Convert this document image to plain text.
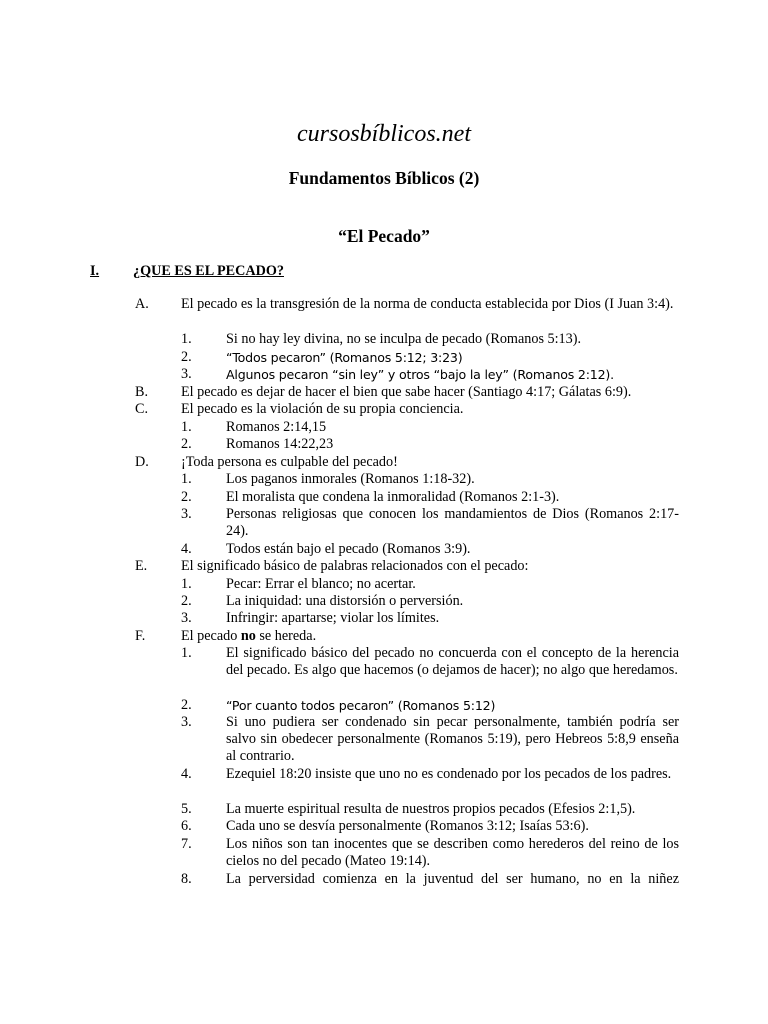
cursosbíblicos.net
Fundamentos Bíblicos (2)
“El Pecado”
I. ¿QUE ES EL PECADO?
A. El pecado es la transgresión de la norma de conducta establecida por Dios (I Juan 3:4).
1. Si no hay ley divina, no se inculpa de pecado (Romanos 5:13).
2.	“Todos pecaron” (Romanos 5:12; 3:23)
3.	Algunos pecaron “sin ley” y otros “bajo la ley” (Romanos 2:12).
B. El pecado es dejar de hacer el bien que sabe hacer (Santiago 4:17; Gálatas 6:9).
C. El pecado es la violación de su propia conciencia.
1. Romanos 2:14,15
2. Romanos 14:22,23
D. ¡Toda persona es culpable del pecado!
1. Los paganos inmorales (Romanos 1:18-32).
2. El moralista que condena la inmoralidad (Romanos 2:1-3).
3. Personas religiosas que conocen los mandamientos de Dios (Romanos 2:17-24).
4. Todos están bajo el pecado (Romanos 3:9).
E. El significado básico de palabras relacionados con el pecado:
1. Pecar: Errar el blanco; no acertar.
2. La iniquidad: una distorsión o perversión.
3. Infringir: apartarse; violar los límites.
F.	El pecado no se hereda.
1. El significado básico del pecado no concuerda con el concepto de la herencia del pecado. Es algo que hacemos (o dejamos de hacer); no algo que heredamos.
2.	“Por cuanto todos pecaron” (Romanos 5:12)
3. Si uno pudiera ser condenado sin pecar personalmente, también podría ser salvo sin obedecer personalmente (Romanos 5:19), pero Hebreos 5:8,9 enseña al contrario.
4. Ezequiel 18:20 insiste que uno no es condenado por los pecados de los padres.
5. La muerte espiritual resulta de nuestros propios pecados (Efesios 2:1,5).
6. Cada uno se desvía personalmente (Romanos 3:12; Isaías 53:6).
7. Los niños son tan inocentes que se describen como herederos del reino de los cielos no del pecado (Mateo 19:14).
8. La perversidad comienza en la juventud del ser humano, no en la niñez
